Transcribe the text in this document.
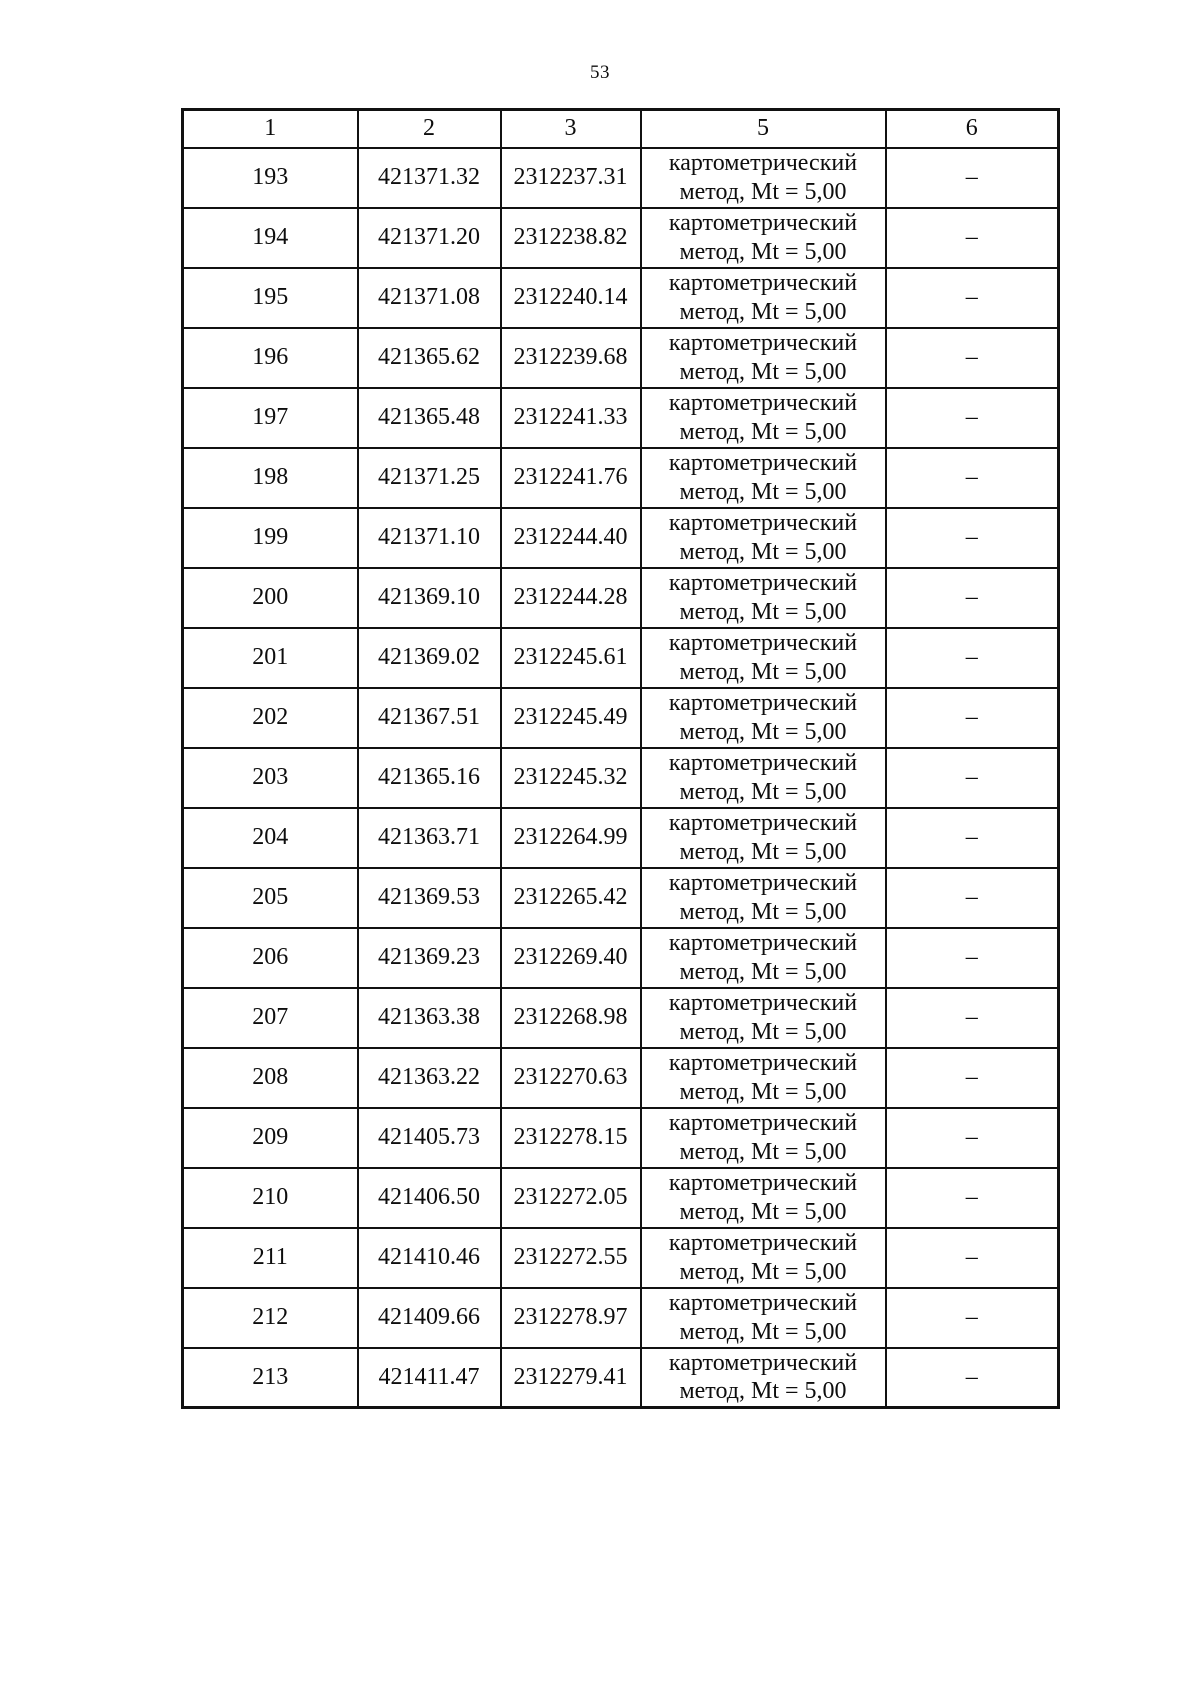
53
1	2	3	5	6
193	421371.32	2312237.31	картометрический метод, Mt = 5,00	–
194	421371.20	2312238.82	картометрический метод, Mt = 5,00	–
195	421371.08	2312240.14	картометрический метод, Mt = 5,00	–
196	421365.62	2312239.68	картометрический метод, Mt = 5,00	–
197	421365.48	2312241.33	картометрический метод, Mt = 5,00	–
198	421371.25	2312241.76	картометрический метод, Mt = 5,00	–
199	421371.10	2312244.40	картометрический метод, Mt = 5,00	–
200	421369.10	2312244.28	картометрический метод, Mt = 5,00	–
201	421369.02	2312245.61	картометрический метод, Mt = 5,00	–
202	421367.51	2312245.49	картометрический метод, Mt = 5,00	–
203	421365.16	2312245.32	картометрический метод, Mt = 5,00	–
204	421363.71	2312264.99	картометрический метод, Mt = 5,00	–
205	421369.53	2312265.42	картометрический метод, Mt = 5,00	–
206	421369.23	2312269.40	картометрический метод, Mt = 5,00	–
207	421363.38	2312268.98	картометрический метод, Mt = 5,00	–
208	421363.22	2312270.63	картометрический метод, Mt = 5,00	–
209	421405.73	2312278.15	картометрический метод, Mt = 5,00	–
210	421406.50	2312272.05	картометрический метод, Mt = 5,00	–
211	421410.46	2312272.55	картометрический метод, Mt = 5,00	–
212	421409.66	2312278.97	картометрический метод, Mt = 5,00	–
213	421411.47	2312279.41	картометрический метод, Mt = 5,00	–
